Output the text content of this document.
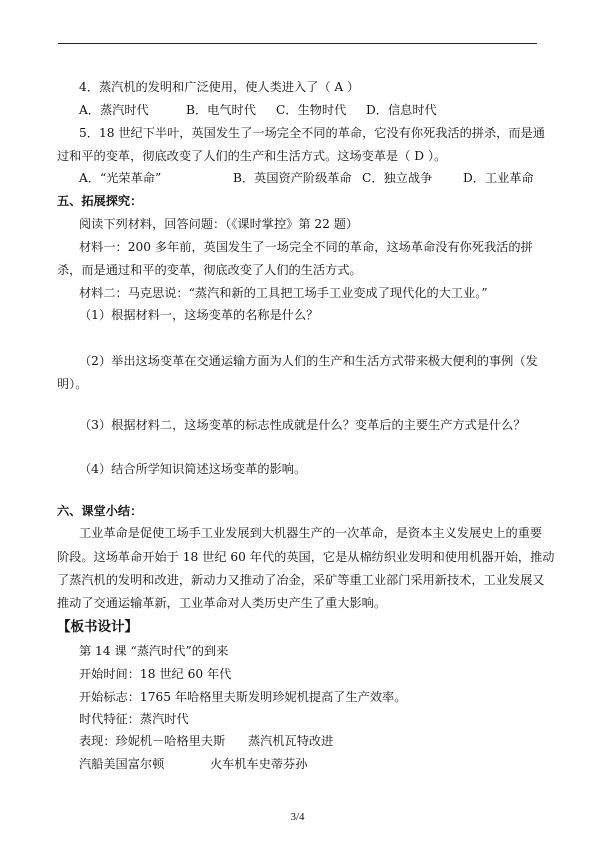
4．蒸汽机的发明和广泛使用，使人类进入了（ A ）
A．蒸汽时代	B．电气时代 C．生物时代 D．信息时代
5．18 世纪下半叶，英国发生了一场完全不同的革命，它没有你死我活的拼杀，而是通
过和平的变革，彻底改变了人们的生产和生活方式。这场变革是（ D ）。
A．“光荣革命”	B．英国资产阶级革命 C．独立战争	D．工业革命
五、拓展探究：
阅读下列材料，回答问题：（《课时掌控》第 22 题）
材料一：200 多年前，英国发生了一场完全不同的革命，这场革命没有你死我活的拼
杀，而是通过和平的变革，彻底改变了人们的生活方式。
材料二：马克思说：“蒸汽和新的工具把工场手工业变成了现代化的大工业。”
（1）根据材料一，这场变革的名称是什么？
（2）举出这场变革在交通运输方面为人们的生产和生活方式带来极大便利的事例（发
明）。
（3）根据材料二，这场变革的标志性成就是什么？变革后的主要生产方式是什么？
（4）结合所学知识简述这场变革的影响。
六、课堂小结：
工业革命是促使工场手工业发展到大机器生产的一次革命，是资本主义发展史上的重要
阶段。这场革命开始于 18 世纪 60 年代的英国，它是从棉纺织业发明和使用机器开始，推动
了蒸汽机的发明和改进，新动力又推动了冶金，采矿等重工业部门采用新技术，工业发展又
推动了交通运输革新，工业革命对人类历史产生了重大影响。
【板书设计】
第 14 课 “蒸汽时代”的到来
开始时间：18 世纪 60 年代
开始标志：1765 年哈格里夫斯发明珍妮机提高了生产效率。
时代特征：蒸汽时代
表现：珍妮机－哈格里夫斯 蒸汽机瓦特改进
汽船美国富尔顿	火车机车史蒂芬孙
3/4
